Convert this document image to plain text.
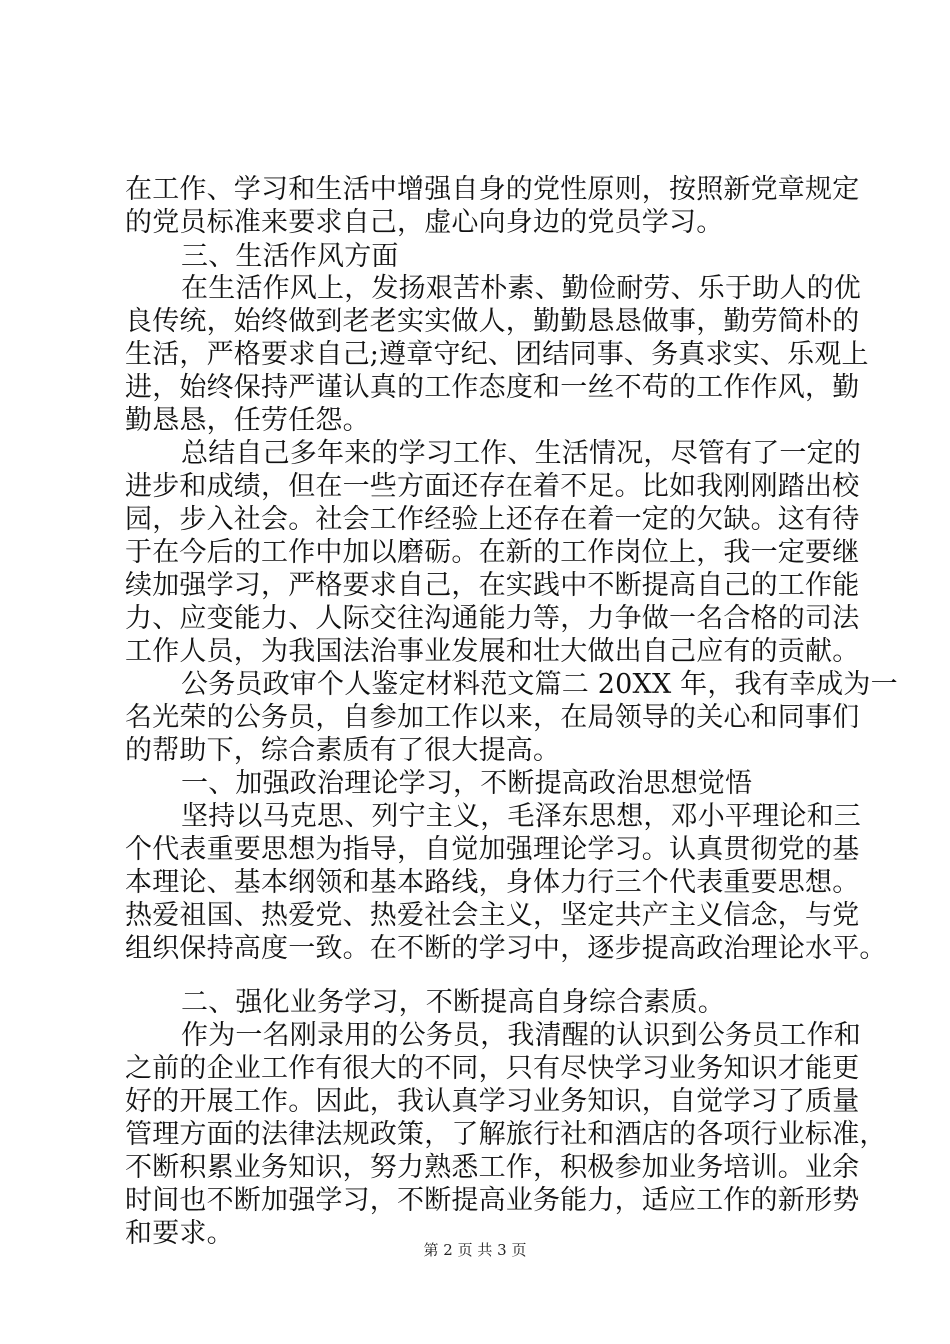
在工作、学习和生活中增强自身的党性原则，按照新党章规定
的党员标准来要求自己，虚心向身边的党员学习。
三、生活作风方面
在生活作风上，发扬艰苦朴素、勤俭耐劳、乐于助人的优
良传统，始终做到老老实实做人，勤勤恳恳做事，勤劳简朴的
生活，严格要求自己;遵章守纪、团结同事、务真求实、乐观上
进，始终保持严谨认真的工作态度和一丝不苟的工作作风，勤
勤恳恳，任劳任怨。
总结自己多年来的学习工作、生活情况，尽管有了一定的
进步和成绩，但在一些方面还存在着不足。比如我刚刚踏出校
园，步入社会。社会工作经验上还存在着一定的欠缺。这有待
于在今后的工作中加以磨砺。在新的工作岗位上，我一定要继
续加强学习，严格要求自己，在实践中不断提高自己的工作能
力、应变能力、人际交往沟通能力等，力争做一名合格的司法
工作人员，为我国法治事业发展和壮大做出自己应有的贡献。
公务员政审个人鉴定材料范文篇二 20XX 年，我有幸成为一
名光荣的公务员，自参加工作以来，在局领导的关心和同事们
的帮助下，综合素质有了很大提高。
一、加强政治理论学习，不断提高政治思想觉悟
坚持以马克思、列宁主义，毛泽东思想，邓小平理论和三
个代表重要思想为指导，自觉加强理论学习。认真贯彻党的基
本理论、基本纲领和基本路线，身体力行三个代表重要思想。
热爱祖国、热爱党、热爱社会主义，坚定共产主义信念，与党
组织保持高度一致。在不断的学习中，逐步提高政治理论水平。
二、强化业务学习，不断提高自身综合素质。
作为一名刚录用的公务员，我清醒的认识到公务员工作和
之前的企业工作有很大的不同，只有尽快学习业务知识才能更
好的开展工作。因此，我认真学习业务知识，自觉学习了质量
管理方面的法律法规政策，了解旅行社和酒店的各项行业标准，
不断积累业务知识，努力熟悉工作，积极参加业务培训。业余
时间也不断加强学习，不断提高业务能力，适应工作的新形势
和要求。
第 2 页 共 3 页
